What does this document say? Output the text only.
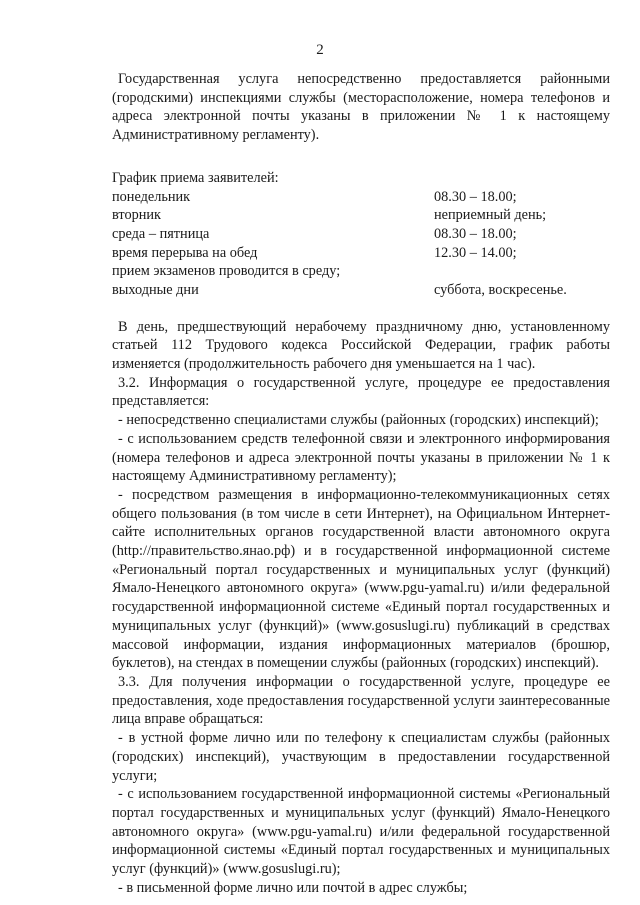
2

Государственная услуга непосредственно предоставляется районными (городскими) инспекциями службы (месторасположение, номера телефонов и адреса электронной почты указаны в приложении № 1 к настоящему Административному регламенту).

График приема заявителей:
понедельник	08.30 – 18.00;
вторник	неприемный день;
среда – пятница	08.30 – 18.00;
время перерыва на обед	12.30 – 14.00;
прием экзаменов проводится в среду;
выходные дни	суббота, воскресенье.

В день, предшествующий нерабочему праздничному дню, установленному статьей 112 Трудового кодекса Российской Федерации, график работы изменяется (продолжительность рабочего дня уменьшается на 1 час).

3.2. Информация о государственной услуге, процедуре ее предоставления представляется:

- непосредственно специалистами службы (районных (городских) инспекций);

- с использованием средств телефонной связи и электронного информирования (номера телефонов и адреса электронной почты указаны в приложении № 1 к настоящему Административному регламенту);

- посредством размещения в информационно-телекоммуникационных сетях общего пользования (в том числе в сети Интернет), на Официальном Интернет-сайте исполнительных органов государственной власти автономного округа (http://правительство.янао.рф) и в государственной информационной системе «Региональный портал государственных и муниципальных услуг (функций) Ямало-Ненецкого автономного округа» (www.pgu-yamal.ru) и/или федеральной государственной информационной системе «Единый портал государственных и муниципальных услуг (функций)» (www.gosuslugi.ru) публикаций в средствах массовой информации, издания информационных материалов (брошюр, буклетов), на стендах в помещении службы (районных (городских) инспекций).

3.3. Для получения информации о государственной услуге, процедуре ее предоставления, ходе предоставления государственной услуги заинтересованные лица вправе обращаться:

- в устной форме лично или по телефону к специалистам службы (районных (городских) инспекций), участвующим в предоставлении государственной услуги;

- с использованием государственной информационной системы «Региональный портал государственных и муниципальных услуг (функций) Ямало-Ненецкого автономного округа» (www.pgu-yamal.ru) и/или федеральной государственной информационной системы «Единый портал государственных и муниципальных услуг (функций)» (www.gosuslugi.ru);

- в письменной форме лично или почтой в адрес службы;
